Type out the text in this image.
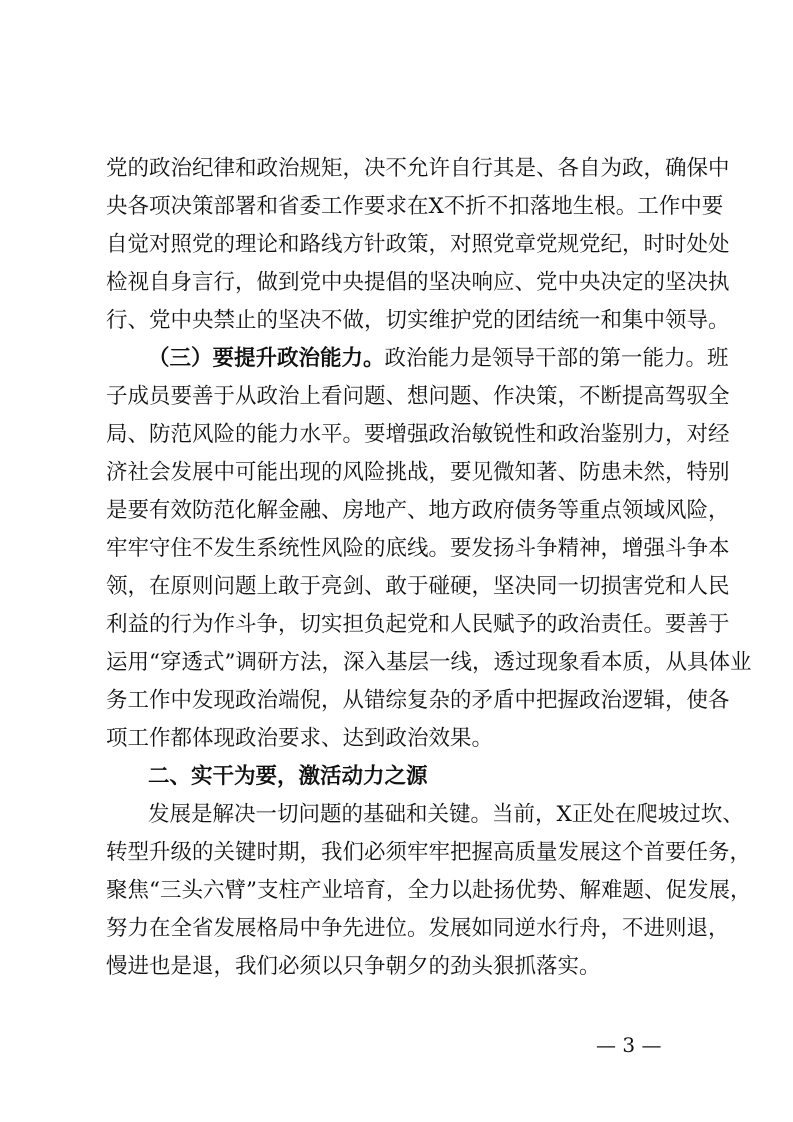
党的政治纪律和政治规矩，决不允许自行其是、各自为政，确保中
央各项决策部署和省委工作要求在X不折不扣落地生根。工作中要
自觉对照党的理论和路线方针政策，对照党章党规党纪，时时处处
检视自身言行，做到党中央提倡的坚决响应、党中央决定的坚决执
行、党中央禁止的坚决不做，切实维护党的团结统一和集中领导。
（三）要提升政治能力。政治能力是领导干部的第一能力。班
子成员要善于从政治上看问题、想问题、作决策，不断提高驾驭全
局、防范风险的能力水平。要增强政治敏锐性和政治鉴别力，对经
济社会发展中可能出现的风险挑战，要见微知著、防患未然，特别
是要有效防范化解金融、房地产、地方政府债务等重点领域风险，
牢牢守住不发生系统性风险的底线。要发扬斗争精神，增强斗争本
领，在原则问题上敢于亮剑、敢于碰硬，坚决同一切损害党和人民
利益的行为作斗争，切实担负起党和人民赋予的政治责任。要善于
运用“穿透式”调研方法，深入基层一线，透过现象看本质，从具体业
务工作中发现政治端倪，从错综复杂的矛盾中把握政治逻辑，使各
项工作都体现政治要求、达到政治效果。
二、实干为要，激活动力之源
发展是解决一切问题的基础和关键。当前，X正处在爬坡过坎、
转型升级的关键时期，我们必须牢牢把握高质量发展这个首要任务，
聚焦“三头六臂”支柱产业培育，全力以赴扬优势、解难题、促发展，
努力在全省发展格局中争先进位。发展如同逆水行舟，不进则退，
慢进也是退，我们必须以只争朝夕的劲头狠抓落实。
— 3 —
